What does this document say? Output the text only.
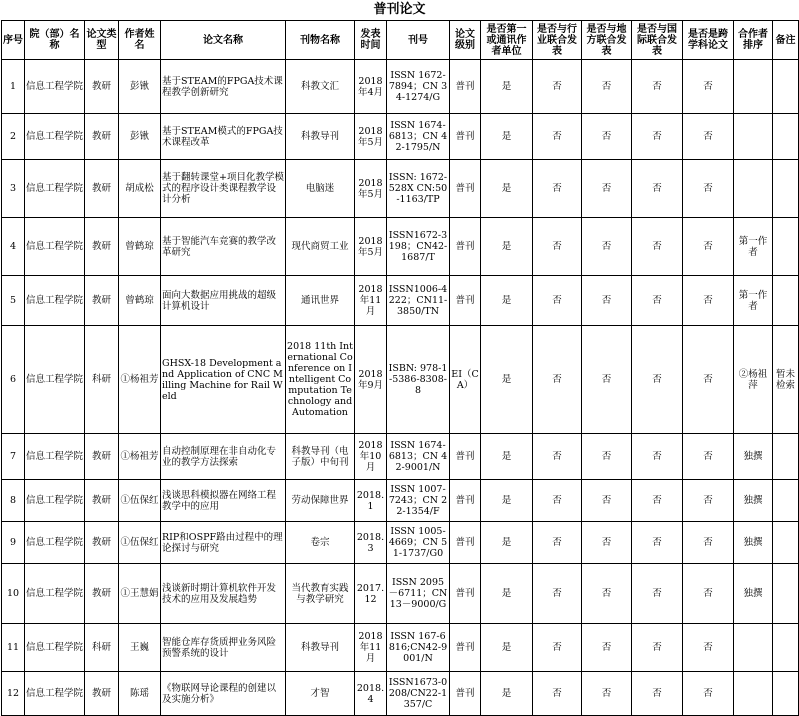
普刊论文
序号	院（部）名称	论文类型	作者姓名	论文名称	刊物名称	发表时间	刊号	论文级别	是否第一或通讯作者单位	是否与行业联合发表	是否与地方联合发表	是否与国际联合发表	是否是跨学科论文	合作者排序	备注
1	信息工程学院	教研	彭锹	基于STEAM的FPGA技术课程教学创新研究	科教文汇	2018年4月	ISSN 1672-7894；CN 34-1274/G	普刊	是	否	否	否	否		
2	信息工程学院	教研	彭锹	基于STEAM模式的FPGA技术课程改革	科教导刊	2018年5月	ISSN 1674-6813；CN 42-1795/N	普刊	是	否	否	否	否		
3	信息工程学院	教研	胡成松	基于翻转课堂+项目化教学模式的程序设计类课程教学设计分析	电脑迷	2018年5月	ISSN: 1672-528X CN:50-1163/TP	普刊	是	否	否	否	否		
4	信息工程学院	教研	曾鹤琼	基于智能汽车竞赛的教学改革研究	现代商贸工业	2018年5月	ISSN1672-3198；CN42-1687/T	普刊	是	否	否	否	否	第一作者	
5	信息工程学院	教研	曾鹤琼	面向大数据应用挑战的超级计算机设计	通讯世界	2018年11月	ISSN1006-4222；CN11-3850/TN	普刊	是	否	否	否	否	第一作者	
6	信息工程学院	科研	①杨祖芳	GHSX-18 Development and Application of CNC Milling Machine for Rail Weld	2018 11th International Conference on Intelligent Computation Technology and Automation	2018年9月	ISBN: 978-1-5386-8308-8	EI（CA）	是	否	否	否	否	②杨祖萍	暂未检索
7	信息工程学院	教研	①杨祖芳	自动控制原理在非自动化专业的教学方法探索	科教导刊（电子版）中旬刊	2018年10月	ISSN 1674-6813；CN 42-9001/N	普刊	是	否	否	否	否	独撰	
8	信息工程学院	教研	①伍保红	浅谈思科模拟器在网络工程教学中的应用	劳动保障世界	2018.1	ISSN 1007-7243；CN 22-1354/F	普刊	是	否	否	否	否	独撰	
9	信息工程学院	教研	①伍保红	RIP和OSPF路由过程中的理论探讨与研究	卷宗	2018.3	ISSN 1005-4669；CN 51-1737/G0	普刊	是	否	否	否	否	独撰	
10	信息工程学院	教研	①王慧娟	浅谈新时期计算机软件开发技术的应用及发展趋势	当代教育实践与教学研究	2017.12	ISSN 2095－6711；CN 13－9000/G	普刊	是	否	否	否	否	独撰	
11	信息工程学院	科研	王巍	智能仓库存货质押业务风险预警系统的设计	科教导刊	2018年11月	ISSN 167-6816;CN42-9001/N	普刊	是	否	否	否	否		
12	信息工程学院	教研	陈瑶	《物联网导论课程的创建以及实施分析》	才智	2018.4	ISSN1673-0208/CN22-1357/C	普刊	是	否	否	否	否		
